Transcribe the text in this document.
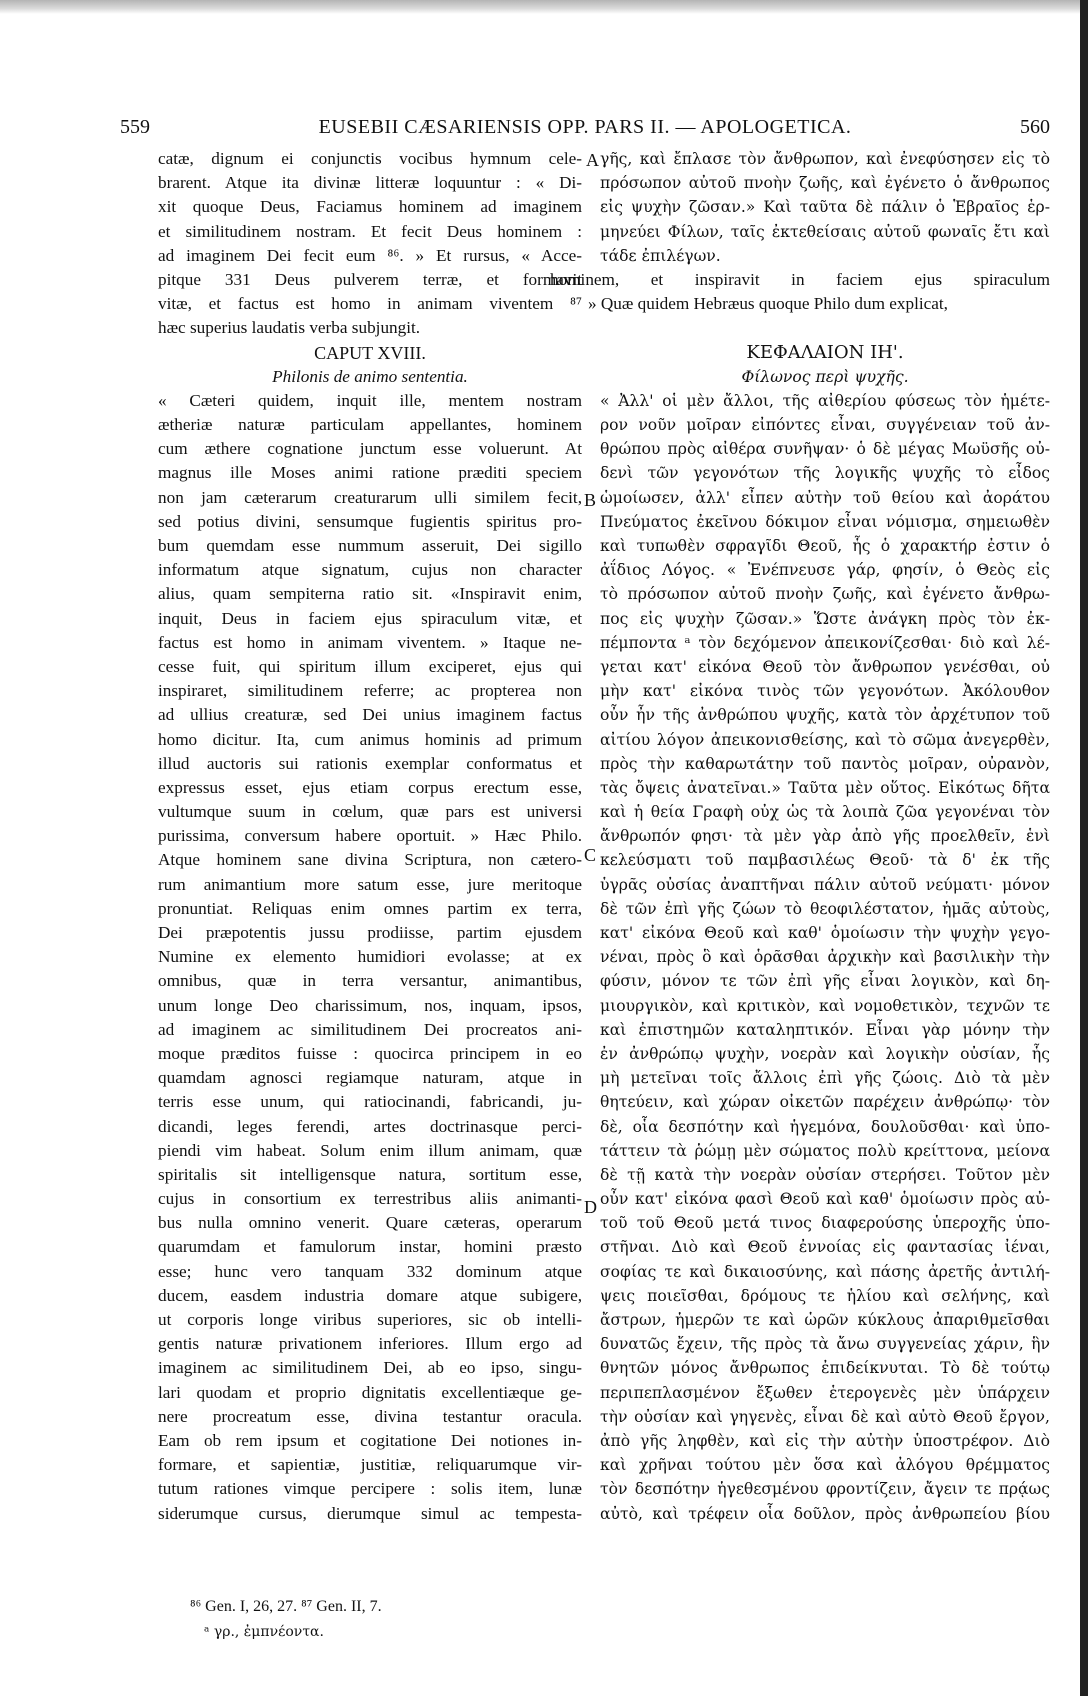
559	EUSEBII CÆSARIENSIS OPP. PARS II. — APOLOGETICA.	560
catæ, dignum ei conjunctis vocibus hymnum cele-
brarent. Atque ita divinæ litteræ loquuntur : « Di-
xit quoque Deus, Faciamus hominem ad imaginem
et similitudinem nostram. Et fecit Deus hominem :
ad imaginem Dei fecit eum ⁸⁶. » Et rursus, « Acce-
pitque 331 Deus pulverem terræ, et formavit
vitæ, et factus est homo in animam viventem ⁸⁷
hæc superius laudatis verba subjungit.
CAPUT XVIII.
Philonis de animo sententia.
« Cæteri quidem, inquit ille, mentem nostram
ætheriæ naturæ particulam appellantes, hominem
cum æthere cognatione junctum esse voluerunt. At
magnus ille Moses animi ratione præditi speciem
non jam cæterarum creaturarum ulli similem fecit,
sed potius divini, sensumque fugientis spiritus pro-
bum quemdam esse nummum asseruit, Dei sigillo
informatum atque signatum, cujus non character
alius, quam sempiterna ratio sit. «Inspiravit enim,
inquit, Deus in faciem ejus spiraculum vitæ, et
factus est homo in animam viventem. » Itaque ne-
cesse fuit, qui spiritum illum exciperet, ejus qui
inspiraret, similitudinem referre; ac propterea non
ad ullius creaturæ, sed Dei unius imaginem factus
homo dicitur. Ita, cum animus hominis ad primum
illud auctoris sui rationis exemplar conformatus et
expressus esset, ejus etiam corpus erectum esse,
vultumque suum in cœlum, quæ pars est universi
purissima, conversum habere oportuit. » Hæc Philo.
Atque hominem sane divina Scriptura, non cætero-
rum animantium more satum esse, jure meritoque
pronuntiat. Reliquas enim omnes partim ex terra,
Dei præpotentis jussu prodiisse, partim ejusdem
Numine ex elemento humidiori evolasse; at ex
omnibus, quæ in terra versantur, animantibus,
unum longe Deo charissimum, nos, inquam, ipsos,
ad imaginem ac similitudinem Dei procreatos ani-
moque præditos fuisse : quocirca principem in eo
quamdam agnosci regiamque naturam, atque in
terris esse unum, qui ratiocinandi, fabricandi, ju-
dicandi, leges ferendi, artes doctrinasque perci-
piendi vim habeat. Solum enim illum animam, quæ
spiritalis sit intelligensque natura, sortitum esse,
cujus in consortium ex terrestribus aliis animanti-
bus nulla omnino venerit. Quare cæteras, operarum
quarumdam et famulorum instar, homini præsto
esse; hunc vero tanquam 332 dominum atque
ducem, easdem industria domare atque subigere,
ut corporis longe viribus superiores, sic ob intelli-
gentis naturæ privationem inferiores. Illum ergo ad
imaginem ac similitudinem Dei, ab eo ipso, singu-
lari quodam et proprio dignitatis excellentiæque ge-
nere procreatum esse, divina testantur oracula.
Eam ob rem ipsum et cogitatione Dei notiones in-
formare, et sapientiæ, justitiæ, reliquarumque vir-
tutum rationes vimque percipere : solis item, lunæ
siderumque cursus, dierumque simul ac tempesta-
γῆς, καὶ ἔπλασε τὸν ἄνθρωπον, καὶ ἐνεφύσησεν εἰς τὸ
πρόσωπον αὐτοῦ πνοὴν ζωῆς, καὶ ἐγένετο ὁ ἄνθρωπος
εἰς ψυχὴν ζῶσαν.» Καὶ ταῦτα δὲ πάλιν ὁ Ἑβραῖος ἑρ-
μηνεύει Φίλων, ταῖς ἐκτεθείσαις αὐτοῦ φωναῖς ἔτι καὶ
τάδε ἐπιλέγων.
hominem, et inspiravit in faciem ejus spiraculum
» Quæ quidem Hebræus quoque Philo dum explicat,
ΚΕΦΑΛΑΙΟΝ ΙΗ'.
Φίλωνος περὶ ψυχῆς.
« Ἀλλ' οἱ μὲν ἄλλοι, τῆς αἰθερίου φύσεως τὸν ἡμέτε-
ρον νοῦν μοῖραν εἰπόντες εἶναι, συγγένειαν τοῦ ἀν-
θρώπου πρὸς αἰθέρα συνῆψαν· ὁ δὲ μέγας Μωϋσῆς οὐ-
δενὶ τῶν γεγονότων τῆς λογικῆς ψυχῆς τὸ εἶδος
ὡμοίωσεν, ἀλλ' εἶπεν αὐτὴν τοῦ θείου καὶ ἀοράτου
Πνεύματος ἐκεῖνου δόκιμον εἶναι νόμισμα, σημειωθὲν
καὶ τυπωθὲν σφραγῖδι Θεοῦ, ἧς ὁ χαρακτήρ ἐστιν ὁ
ἀΐδιος Λόγος. « Ἐνέπνευσε γάρ, φησίν, ὁ Θεὸς εἰς
τὸ πρόσωπον αὐτοῦ πνοὴν ζωῆς, καὶ ἐγένετο ἄνθρω-
πος εἰς ψυχὴν ζῶσαν.» Ὥστε ἀνάγκη πρὸς τὸν ἐκ-
πέμποντα ᵃ τὸν δεχόμενον ἀπεικονίζεσθαι· διὸ καὶ λέ-
γεται κατ' εἰκόνα Θεοῦ τὸν ἄνθρωπον γενέσθαι, οὐ
μὴν κατ' εἰκόνα τινὸς τῶν γεγονότων. Ἀκόλουθον
οὖν ἦν τῆς ἀνθρώπου ψυχῆς, κατὰ τὸν ἀρχέτυπον τοῦ
αἰτίου λόγον ἀπεικονισθείσης, καὶ τὸ σῶμα ἀνεγερθὲν,
πρὸς τὴν καθαρωτάτην τοῦ παντὸς μοῖραν, οὐρανὸν,
τὰς ὄψεις ἀνατεῖναι.» Ταῦτα μὲν οὕτος. Εἰκότως δῆτα
καὶ ἡ θεία Γραφὴ οὐχ ὡς τὰ λοιπὰ ζῶα γεγονέναι τὸν
ἄνθρωπόν φησι· τὰ μὲν γὰρ ἀπὸ γῆς προελθεῖν, ἑνὶ
κελεύσματι τοῦ παμβασιλέως Θεοῦ· τὰ δ' ἐκ τῆς
ὑγρᾶς οὐσίας ἀναπτῆναι πάλιν αὐτοῦ νεύματι· μόνον
δὲ τῶν ἐπὶ γῆς ζώων τὸ θεοφιλέστατον, ἡμᾶς αὐτοὺς,
κατ' εἰκόνα Θεοῦ καὶ καθ' ὁμοίωσιν τὴν ψυχὴν γεγο-
νέναι, πρὸς ὃ καὶ ὁρᾶσθαι ἀρχικὴν καὶ βασιλικὴν τὴν
φύσιν, μόνον τε τῶν ἐπὶ γῆς εἶναι λογικὸν, καὶ δη-
μιουργικὸν, καὶ κριτικὸν, καὶ νομοθετικὸν, τεχνῶν τε
καὶ ἐπιστημῶν καταληπτικόν. Εἶναι γὰρ μόνην τὴν
ἐν ἀνθρώπῳ ψυχὴν, νοερὰν καὶ λογικὴν οὐσίαν, ἧς
μὴ μετεῖναι τοῖς ἄλλοις ἐπὶ γῆς ζώοις. Διὸ τὰ μὲν
θητεύειν, καὶ χώραν οἰκετῶν παρέχειν ἀνθρώπῳ· τὸν
δὲ, οἷα δεσπότην καὶ ἡγεμόνα, δουλοῦσθαι· καὶ ὑπο-
τάττειν τὰ ῥώμῃ μὲν σώματος πολὺ κρείττονα, μείονα
δὲ τῇ κατὰ τὴν νοερὰν οὐσίαν στερήσει. Τοῦτον μὲν
οὖν κατ' εἰκόνα φασὶ Θεοῦ καὶ καθ' ὁμοίωσιν πρὸς αὐ-
τοῦ τοῦ Θεοῦ μετά τινος διαφερούσης ὑπεροχῆς ὑπο-
στῆναι. Διὸ καὶ Θεοῦ ἐννοίας εἰς φαντασίας ἰέναι,
σοφίας τε καὶ δικαιοσύνης, καὶ πάσης ἀρετῆς ἀντιλή-
ψεις ποιεῖσθαι, δρόμους τε ἡλίου καὶ σελήνης, καὶ
ἄστρων, ἡμερῶν τε καὶ ὡρῶν κύκλους ἀπαριθμεῖσθαι
δυνατῶς ἔχειν, τῆς πρὸς τὰ ἄνω συγγενείας χάριν, ἣν
θνητῶν μόνος ἄνθρωπος ἐπιδείκνυται. Τὸ δὲ τούτῳ
περιπεπλασμένον ἔξωθεν ἑτερογενὲς μὲν ὑπάρχειν
τὴν οὐσίαν καὶ γηγενὲς, εἶναι δὲ καὶ αὐτὸ Θεοῦ ἔργον,
ἀπὸ γῆς ληφθὲν, καὶ εἰς τὴν αὐτὴν ὑποστρέφον. Διὸ
καὶ χρῆναι τούτου μὲν ὅσα καὶ ἀλόγου θρέμματος
τὸν δεσπότην ἡγεθεσμένου φροντίζειν, ἄγειν τε πρᾴως
αὐτὸ, καὶ τρέφειν οἷα δοῦλον, πρὸς ἀνθρωπείου βίου
A
B
C
D
⁸⁶ Gen. I, 26, 27. ⁸⁷ Gen. II, 7.
ᵃ γρ., ἐμπνέοντα.
